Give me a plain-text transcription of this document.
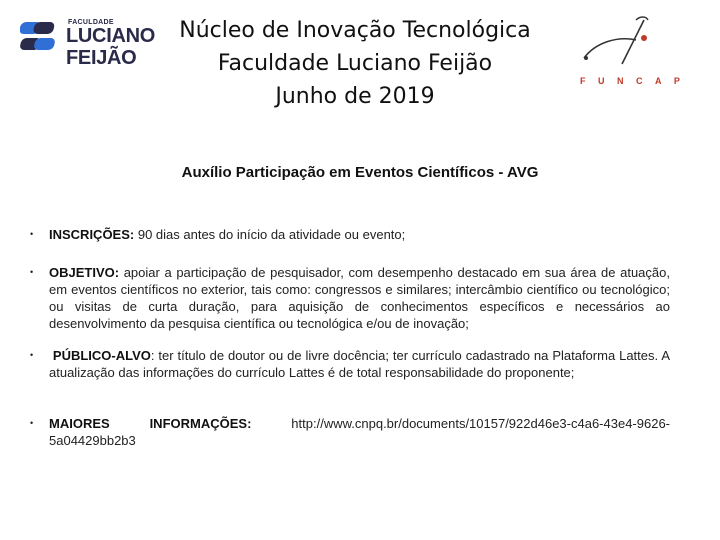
FACULDADE
LUCIANO
FEIJÃO
Núcleo de Inovação Tecnológica
Faculdade Luciano Feijão
Junho de 2019
F U N C A P
Auxílio Participação em Eventos Científicos - AVG
• INSCRIÇÕES: 90 dias antes do início da atividade ou evento;
• OBJETIVO: apoiar a participação de pesquisador, com desempenho destacado em sua área de atuação, em eventos científicos no exterior, tais como: congressos e similares; intercâmbio científico ou tecnológico; ou visitas de curta duração, para aquisição de conhecimentos específicos e necessários ao desenvolvimento da pesquisa científica ou tecnológica e/ou de inovação;
•	PÚBLICO-ALVO: ter título de doutor ou de livre docência; ter currículo cadastrado na Plataforma Lattes. A atualização das informações do currículo Lattes é de total responsabilidade do proponente;
• MAIORES	INFORMAÇÕES:	http://www.cnpq.br/documents/10157/922d46e3-c4a6-43e4-9626-
5a04429bb2b3
